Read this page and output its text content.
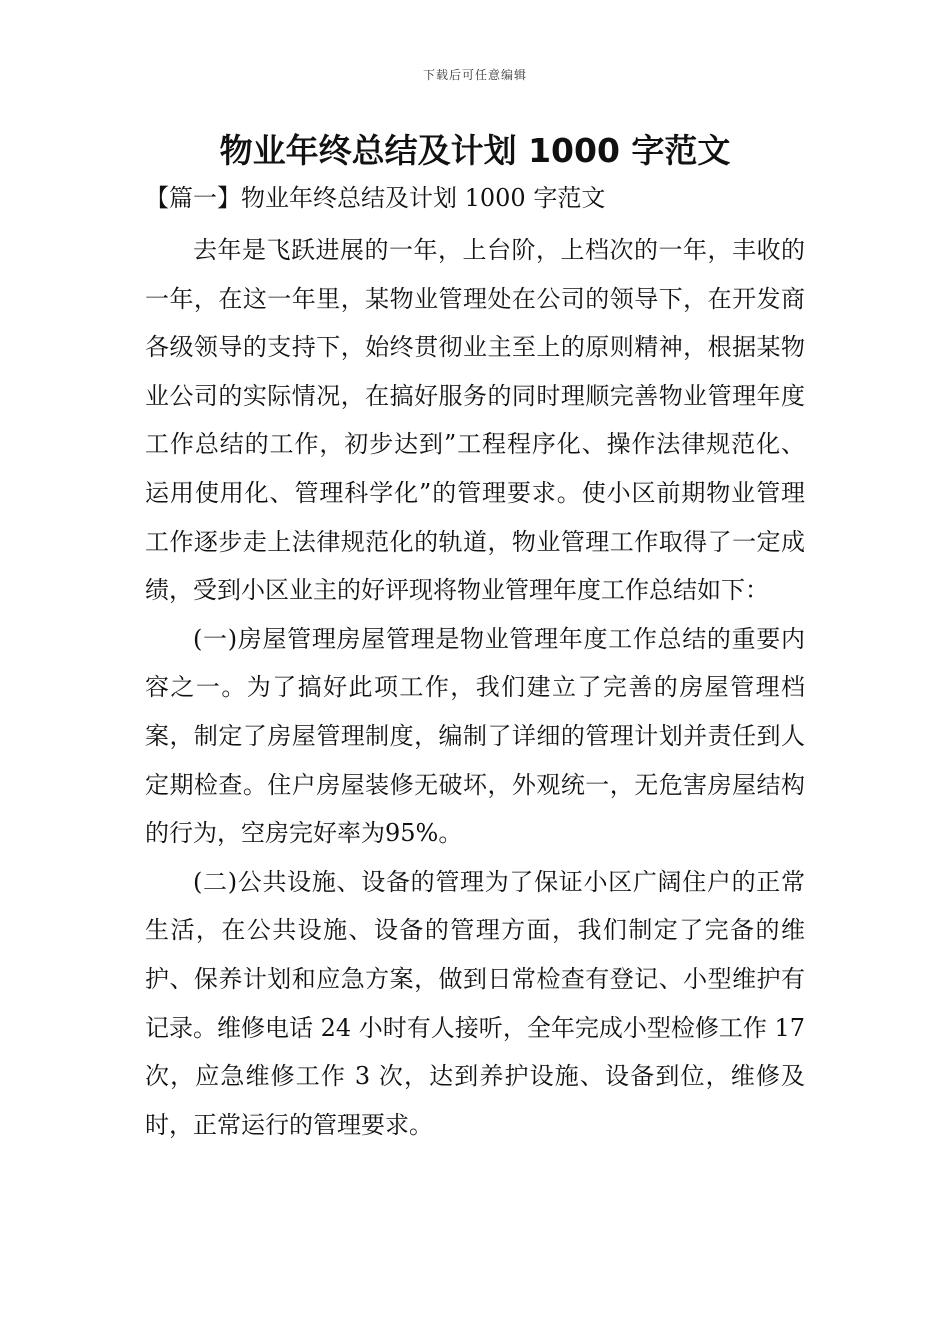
下载后可任意编辑
物业年终总结及计划 1000 字范文
【篇一】物业年终总结及计划 1000 字范文

去年是飞跃进展的一年，上台阶，上档次的一年，丰收的一年，在这一年里，某物业管理处在公司的领导下，在开发商各级领导的支持下，始终贯彻业主至上的原则精神，根据某物业公司的实际情况，在搞好服务的同时理顺完善物业管理年度工作总结的工作，初步达到”工程程序化、操作法律规范化、运用使用化、管理科学化”的管理要求。使小区前期物业管理工作逐步走上法律规范化的轨道，物业管理工作取得了一定成绩，受到小区业主的好评现将物业管理年度工作总结如下：

(一)房屋管理房屋管理是物业管理年度工作总结的重要内容之一。为了搞好此项工作，我们建立了完善的房屋管理档案，制定了房屋管理制度，编制了详细的管理计划并责任到人定期检查。住户房屋装修无破坏，外观统一，无危害房屋结构的行为，空房完好率为95%。

(二)公共设施、设备的管理为了保证小区广阔住户的正常生活，在公共设施、设备的管理方面，我们制定了完备的维护、保养计划和应急方案，做到日常检查有登记、小型维护有记录。维修电话 24 小时有人接听，全年完成小型检修工作 17 次，应急维修工作 3 次，达到养护设施、设备到位，维修及时，正常运行的管理要求。
